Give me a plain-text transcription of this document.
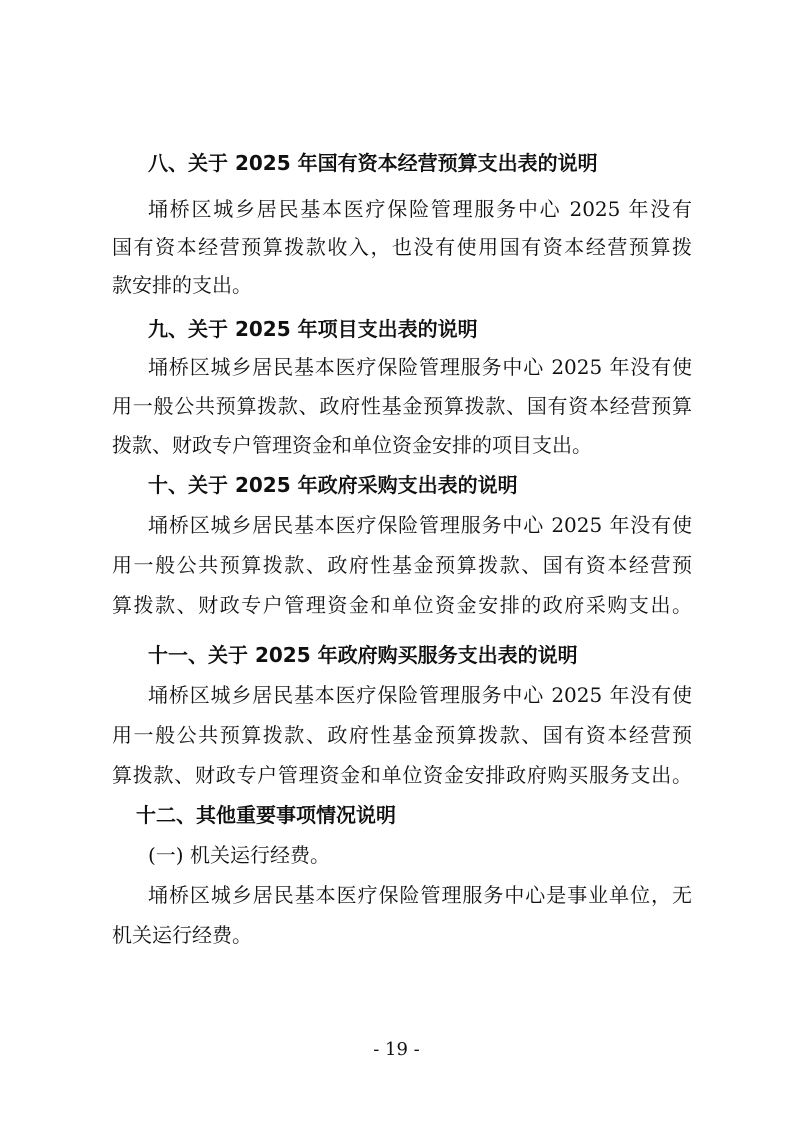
八、关于 2025 年国有资本经营预算支出表的说明
埇桥区城乡居民基本医疗保险管理服务中心 2025 年没有
国有资本经营预算拨款收入，也没有使用国有资本经营预算拨
款安排的支出。
九、关于 2025 年项目支出表的说明
埇桥区城乡居民基本医疗保险管理服务中心 2025 年没有使
用一般公共预算拨款、政府性基金预算拨款、国有资本经营预算
拨款、财政专户管理资金和单位资金安排的项目支出。
十、关于 2025 年政府采购支出表的说明
埇桥区城乡居民基本医疗保险管理服务中心 2025 年没有使
用一般公共预算拨款、政府性基金预算拨款、国有资本经营预
算拨款、财政专户管理资金和单位资金安排的政府采购支出。
十一、关于 2025 年政府购买服务支出表的说明
埇桥区城乡居民基本医疗保险管理服务中心 2025 年没有使
用一般公共预算拨款、政府性基金预算拨款、国有资本经营预
算拨款、财政专户管理资金和单位资金安排政府购买服务支出。
十二、其他重要事项情况说明
(一) 机关运行经费。
埇桥区城乡居民基本医疗保险管理服务中心是事业单位，无
机关运行经费。
- 19 -
